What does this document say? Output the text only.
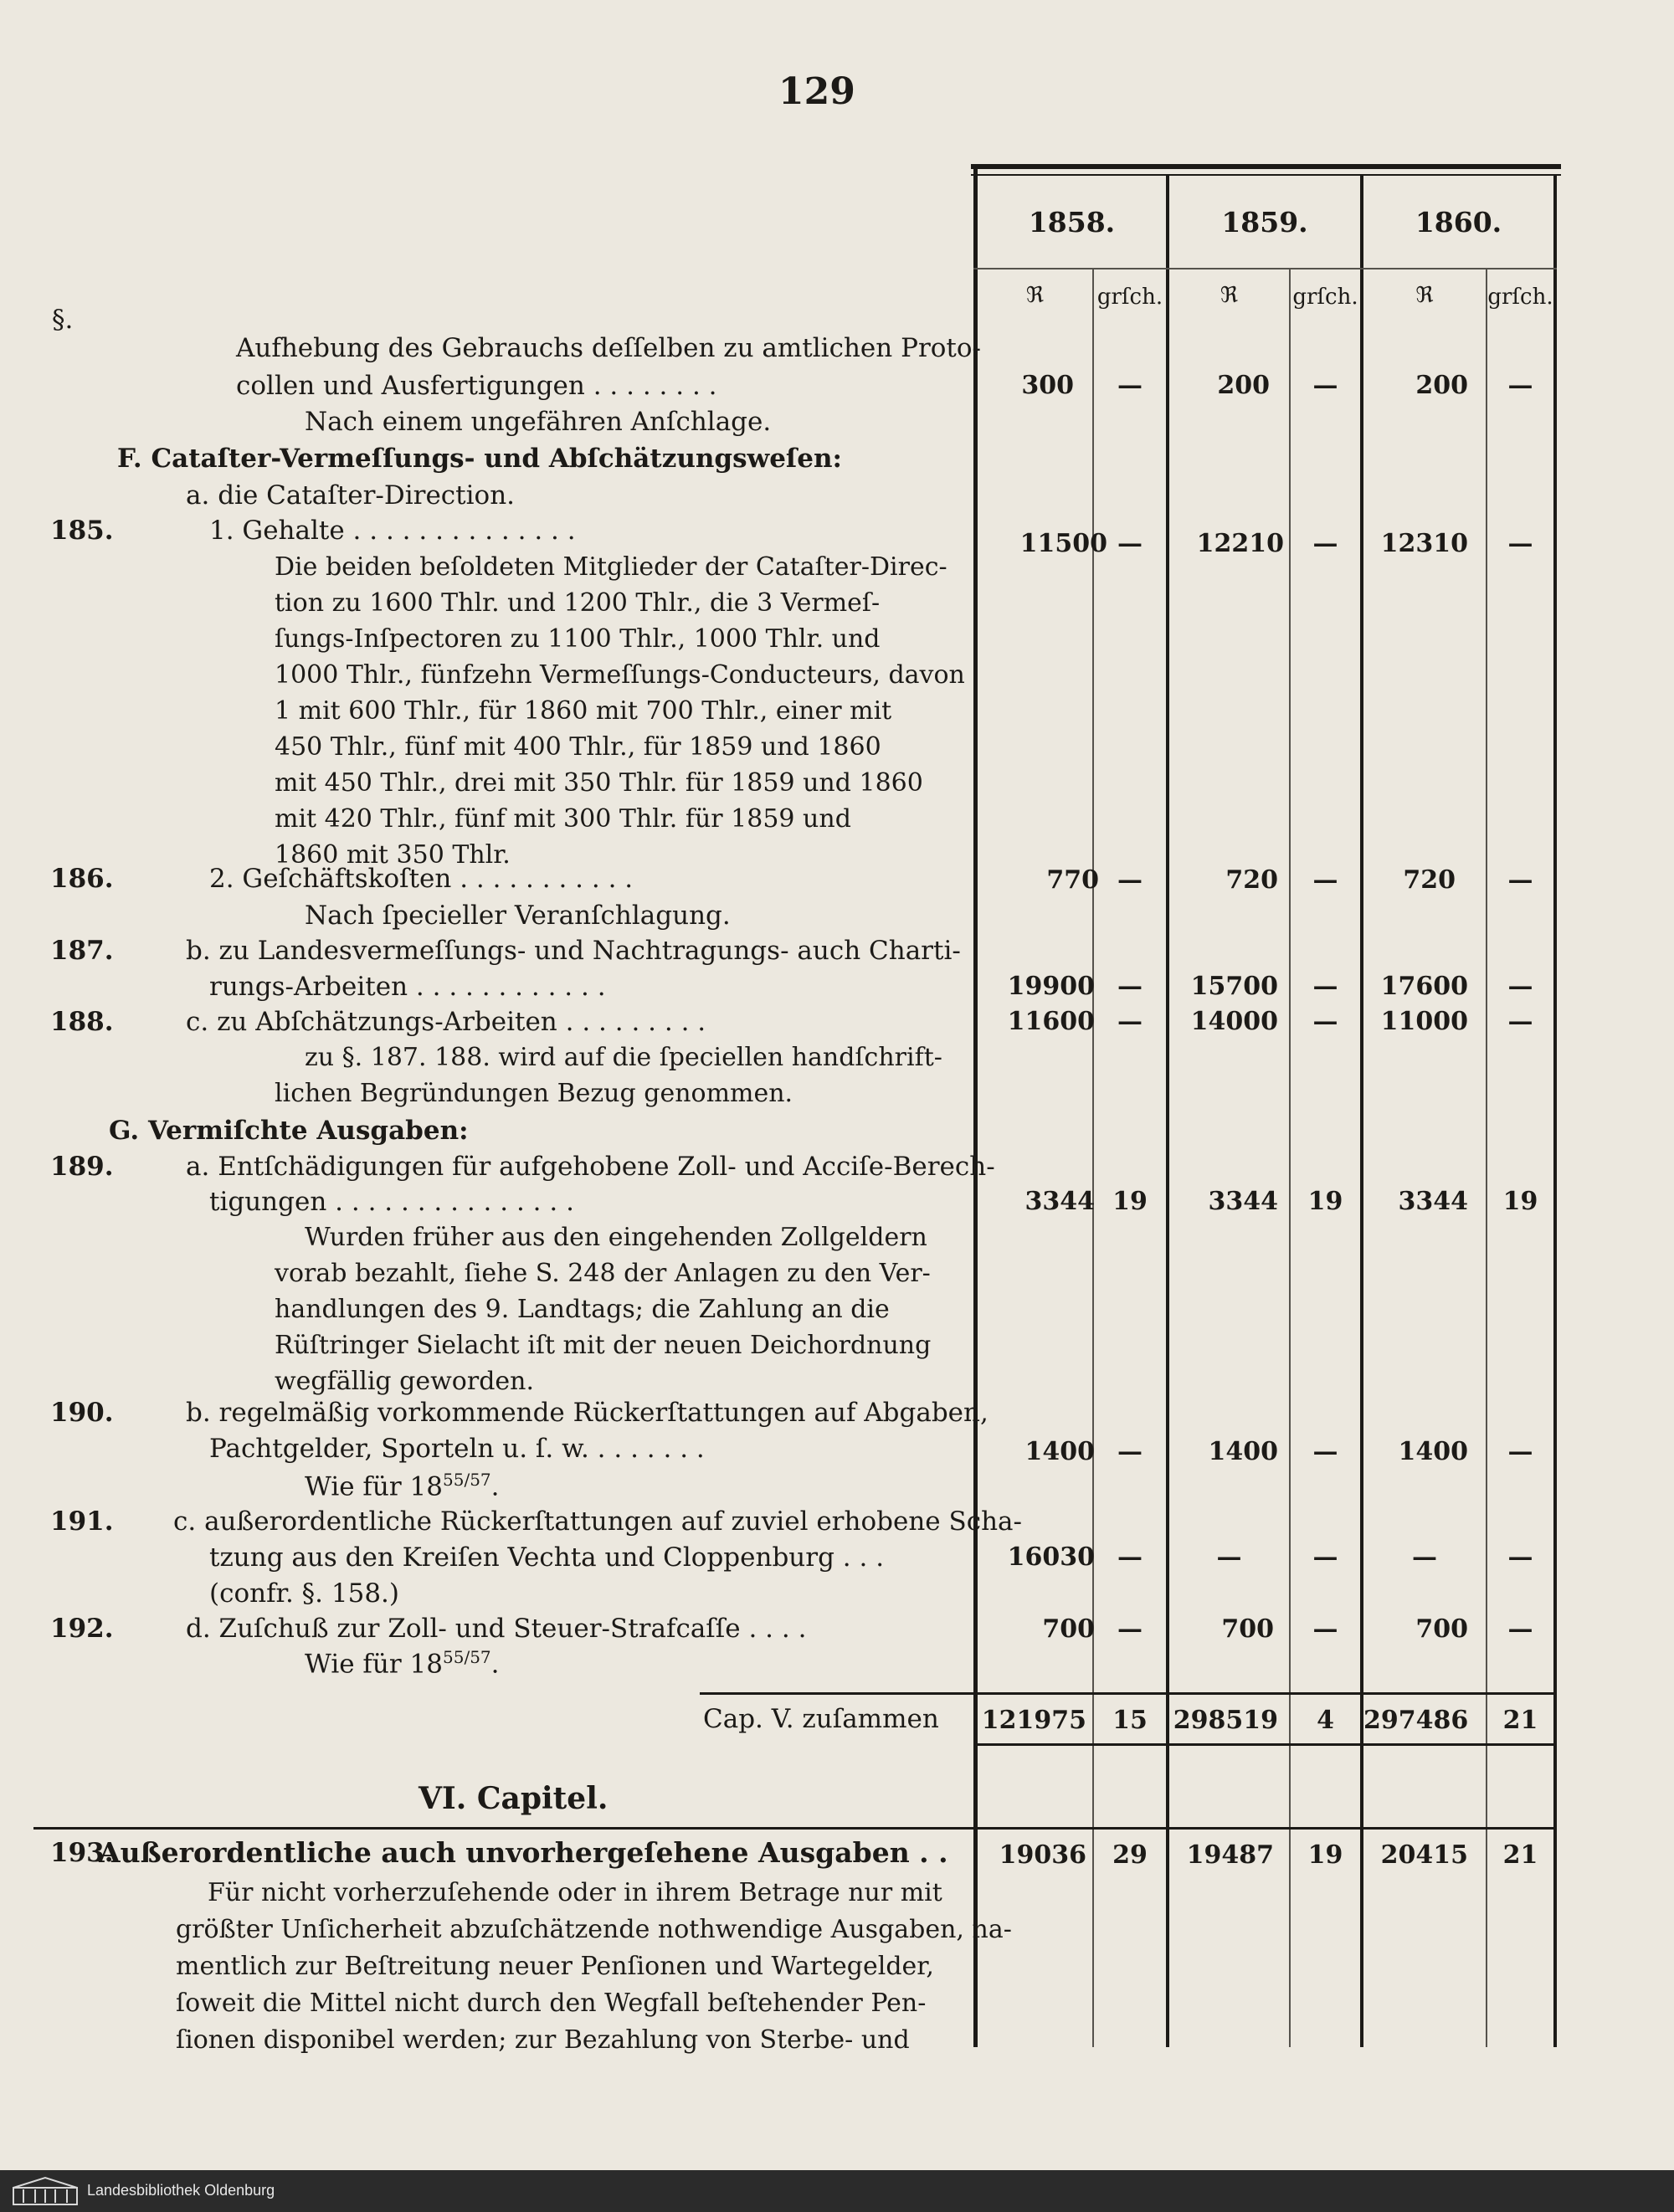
129
1858.	1859.	1860.
ℜ	grſch.	ℜ	grſch.	ℜ	grſch.
§.
Aufhebung des Gebrauchs deſſelben zu amtlichen Proto-
collen und Ausfertigungen . . . . . . . .	300	—	200	—	200	—
Nach einem ungefähren Anſchlage.
F. Cataſter-Vermeſſungs- und Abſchätzungsweſen:
a. die Cataſter-Direction.
185.	1. Gehalte . . . . . . . . . . . . . .	11500 —	12210	—	12310	—
Die beiden beſoldeten Mitglieder der Cataſter-Direc-
tion zu 1600 Thlr. und 1200 Thlr., die 3 Vermeſ-
ſungs-Inſpectoren zu 1100 Thlr., 1000 Thlr. und
1000 Thlr., fünfzehn Vermeſſungs-Conducteurs, davon
1 mit 600 Thlr., für 1860 mit 700 Thlr., einer mit
450 Thlr., fünf mit 400 Thlr., für 1859 und 1860
mit 450 Thlr., drei mit 350 Thlr. für 1859 und 1860
mit 420 Thlr., fünf mit 300 Thlr. für 1859 und
1860 mit 350 Thlr.
186.	2. Geſchäftskoſten . . . . . . . . . . .	770 —	720	—	720	—
Nach ſpecieller Veranſchlagung.
187.	b. zu Landesvermeſſungs- und Nachtragungs- auch Charti-
rungs-Arbeiten . . . . . . . . . . . .	19900 —	15700	—	17600	—
188.	c. zu Abſchätzungs-Arbeiten . . . . . . . . .	11600 —	14000	—	11000	—
zu §. 187. 188. wird auf die ſpeciellen handſchrift-
lichen Begründungen Bezug genommen.
G. Vermiſchte Ausgaben:
189.	a. Entſchädigungen für aufgehobene Zoll- und Acciſe-Berech-
tigungen . . . . . . . . . . . . . . .	3344 19	3344	19	3344	19
Wurden früher aus den eingehenden Zollgeldern
vorab bezahlt, ſiehe S. 248 der Anlagen zu den Ver-
handlungen des 9. Landtags; die Zahlung an die
Rüſtringer Sielacht iſt mit der neuen Deichordnung
wegfällig geworden.
190.	b. regelmäßig vorkommende Rückerſtattungen auf Abgaben,
Pachtgelder, Sporteln u. ſ. w. . . . . . . .	1400 —	1400	—	1400	—
Wie für $18^{55/57}$.
191. c. außerordentliche Rückerſtattungen auf zuviel erhobene Scha-
tzung aus den Kreiſen Vechta und Cloppenburg . . .	16030 —	—	—	—	—
(confr. §. 158.)
192.	d. Zuſchuß zur Zoll- und Steuer-Strafcaſſe . . . .	700 —	700	—	700	—
Wie für $18^{55/57}$.
Cap. V. zuſammen 121975	15	298519	4	297486	21
VI. Capitel.
193.
Außerordentliche auch unvorhergeſehene Ausgaben . .	19036	29	19487	19	20415	21
Für nicht vorherzuſehende oder in ihrem Betrage nur mit
größter Unſicherheit abzuſchätzende nothwendige Ausgaben, na-
mentlich zur Beſtreitung neuer Penſionen und Wartegelder,
ſoweit die Mittel nicht durch den Wegfall beſtehender Pen-
ſionen disponibel werden; zur Bezahlung von Sterbe- und
Landesbibliothek Oldenburg
